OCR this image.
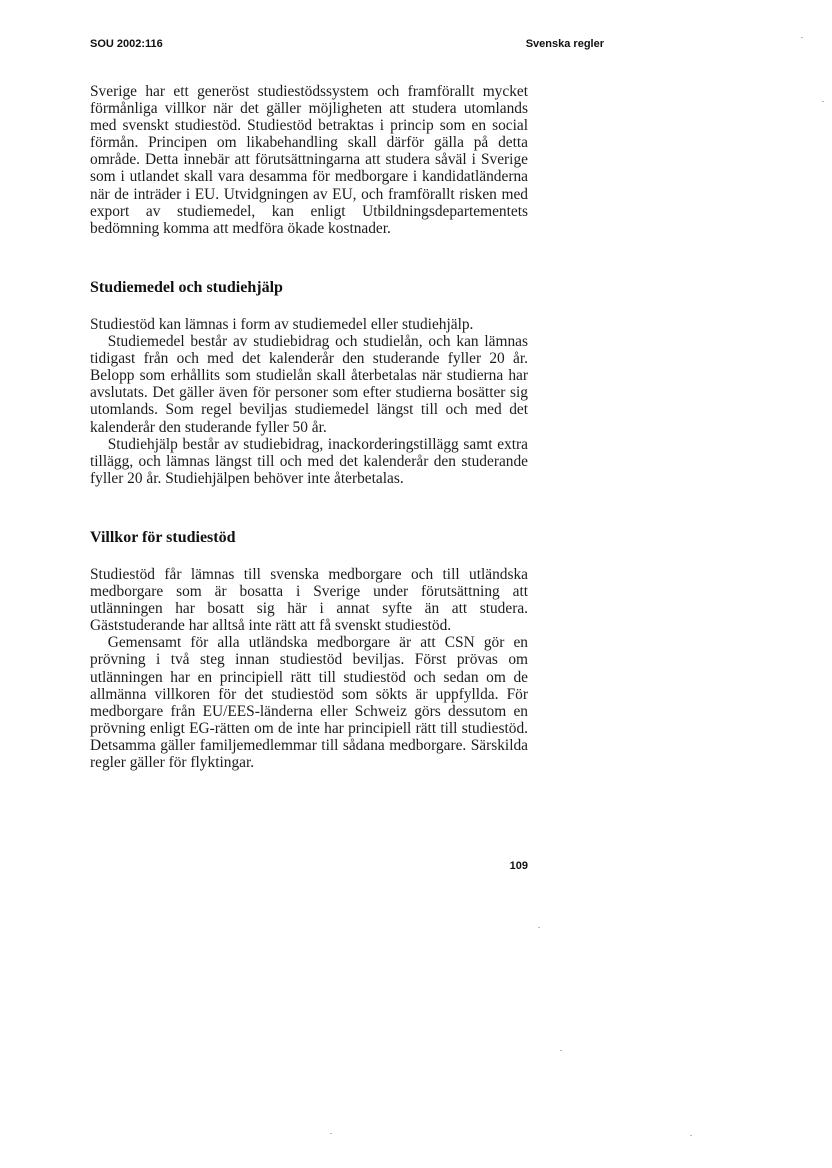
SOU 2002:116	Svenska regler

Sverige har ett generöst studiestödssystem och framförallt mycket förmånliga villkor när det gäller möjligheten att studera utomlands med svenskt studiestöd. Studiestöd betraktas i princip som en social förmån. Principen om likabehandling skall därför gälla på detta område. Detta innebär att förutsättningarna att studera såväl i Sverige som i utlandet skall vara desamma för medborgare i kandidatländerna när de inträder i EU. Utvidgningen av EU, och framförallt risken med export av studiemedel, kan enligt Utbildningsdepartementets bedömning komma att medföra ökade kostnader.

Studiemedel och studiehjälp

Studiestöd kan lämnas i form av studiemedel eller studiehjälp.

Studiemedel består av studiebidrag och studielån, och kan lämnas tidigast från och med det kalenderår den studerande fyller 20 år. Belopp som erhållits som studielån skall återbetalas när studierna har avslutats. Det gäller även för personer som efter studierna bosätter sig utomlands. Som regel beviljas studiemedel längst till och med det kalenderår den studerande fyller 50 år.

Studiehjälp består av studiebidrag, inackorderingstillägg samt extra tillägg, och lämnas längst till och med det kalenderår den studerande fyller 20 år. Studiehjälpen behöver inte återbetalas.

Villkor för studiestöd

Studiestöd får lämnas till svenska medborgare och till utländska medborgare som är bosatta i Sverige under förutsättning att utlänningen har bosatt sig här i annat syfte än att studera. Gäststuderande har alltså inte rätt att få svenskt studiestöd.

Gemensamt för alla utländska medborgare är att CSN gör en prövning i två steg innan studiestöd beviljas. Först prövas om utlänningen har en principiell rätt till studiestöd och sedan om de allmänna villkoren för det studiestöd som sökts är uppfyllda. För medborgare från EU/EES-länderna eller Schweiz görs dessutom en prövning enligt EG-rätten om de inte har principiell rätt till studiestöd. Detsamma gäller familjemedlemmar till sådana medborgare. Särskilda regler gäller för flyktingar.

109
